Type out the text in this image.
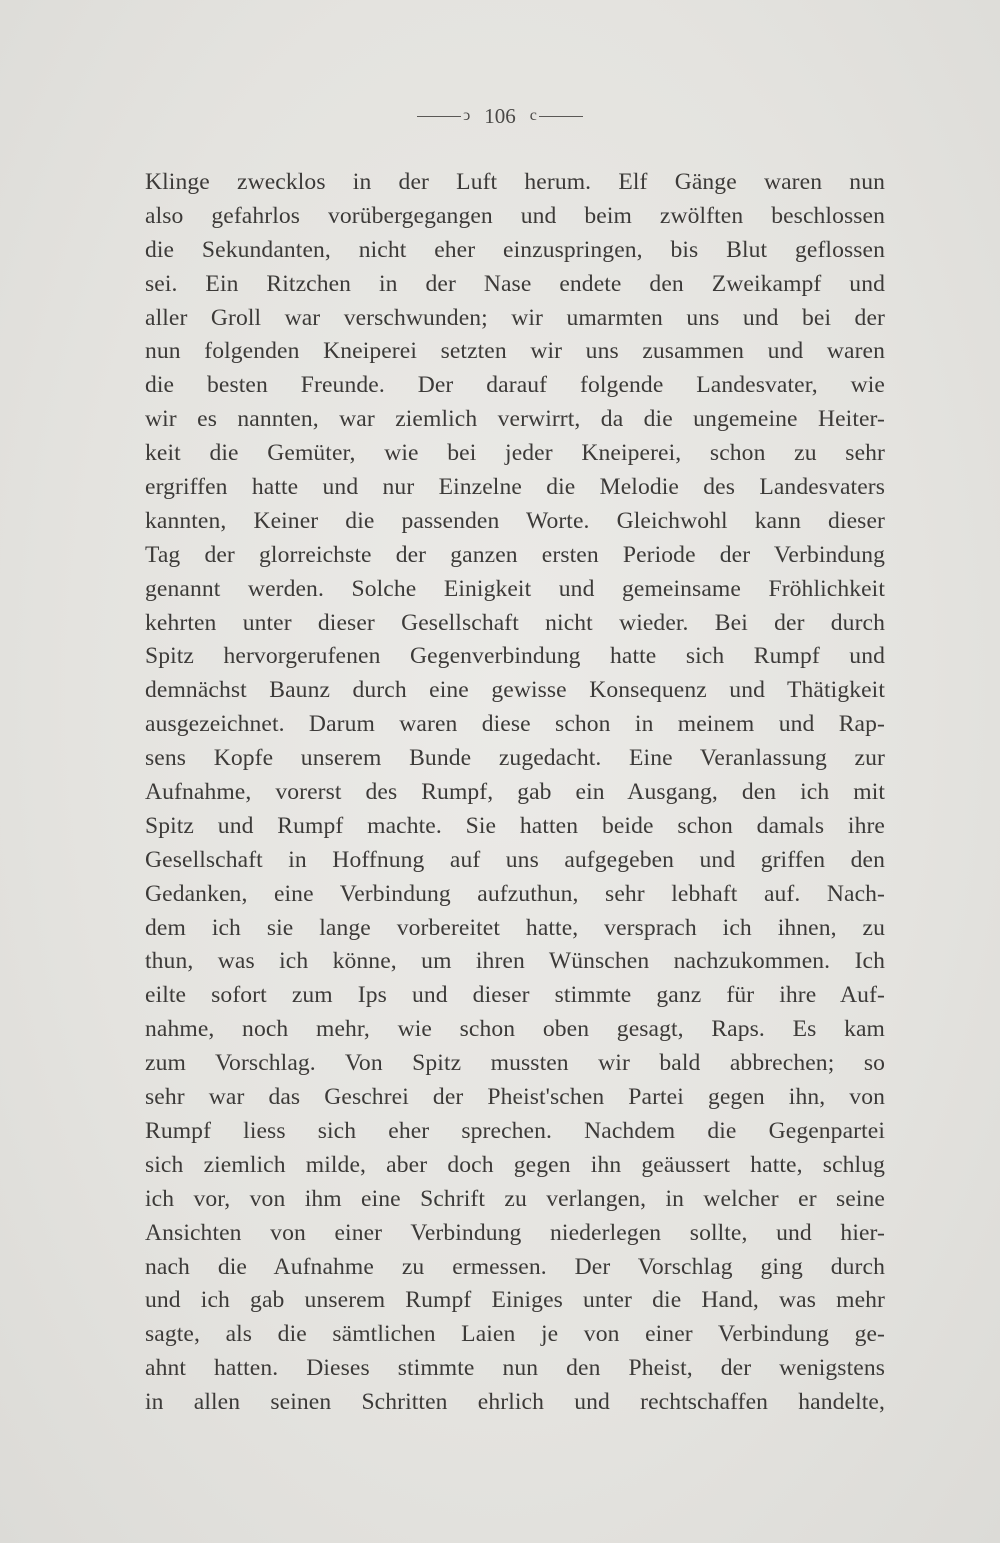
ↄ 106 c
Klinge zwecklos in der Luft herum. Elf Gänge waren nun
also gefahrlos vorübergegangen und beim zwölften beschlossen
die Sekundanten, nicht eher einzuspringen, bis Blut geflossen
sei. Ein Ritzchen in der Nase endete den Zweikampf und
aller Groll war verschwunden; wir umarmten uns und bei der
nun folgenden Kneiperei setzten wir uns zusammen und waren
die besten Freunde. Der darauf folgende Landesvater, wie
wir es nannten, war ziemlich verwirrt, da die ungemeine Heiter-
keit die Gemüter, wie bei jeder Kneiperei, schon zu sehr
ergriffen hatte und nur Einzelne die Melodie des Landesvaters
kannten, Keiner die passenden Worte. Gleichwohl kann dieser
Tag der glorreichste der ganzen ersten Periode der Verbindung
genannt werden. Solche Einigkeit und gemeinsame Fröhlichkeit
kehrten unter dieser Gesellschaft nicht wieder. Bei der durch
Spitz hervorgerufenen Gegenverbindung hatte sich Rumpf und
demnächst Baunz durch eine gewisse Konsequenz und Thätigkeit
ausgezeichnet. Darum waren diese schon in meinem und Rap-
sens Kopfe unserem Bunde zugedacht. Eine Veranlassung zur
Aufnahme, vorerst des Rumpf, gab ein Ausgang, den ich mit
Spitz und Rumpf machte. Sie hatten beide schon damals ihre
Gesellschaft in Hoffnung auf uns aufgegeben und griffen den
Gedanken, eine Verbindung aufzuthun, sehr lebhaft auf. Nach-
dem ich sie lange vorbereitet hatte, versprach ich ihnen, zu
thun, was ich könne, um ihren Wünschen nachzukommen. Ich
eilte sofort zum Ips und dieser stimmte ganz für ihre Auf-
nahme, noch mehr, wie schon oben gesagt, Raps. Es kam
zum Vorschlag. Von Spitz mussten wir bald abbrechen; so
sehr war das Geschrei der Pheist'schen Partei gegen ihn, von
Rumpf liess sich eher sprechen. Nachdem die Gegenpartei
sich ziemlich milde, aber doch gegen ihn geäussert hatte, schlug
ich vor, von ihm eine Schrift zu verlangen, in welcher er seine
Ansichten von einer Verbindung niederlegen sollte, und hier-
nach die Aufnahme zu ermessen. Der Vorschlag ging durch
und ich gab unserem Rumpf Einiges unter die Hand, was mehr
sagte, als die sämtlichen Laien je von einer Verbindung ge-
ahnt hatten. Dieses stimmte nun den Pheist, der wenigstens
in allen seinen Schritten ehrlich und rechtschaffen handelte,
